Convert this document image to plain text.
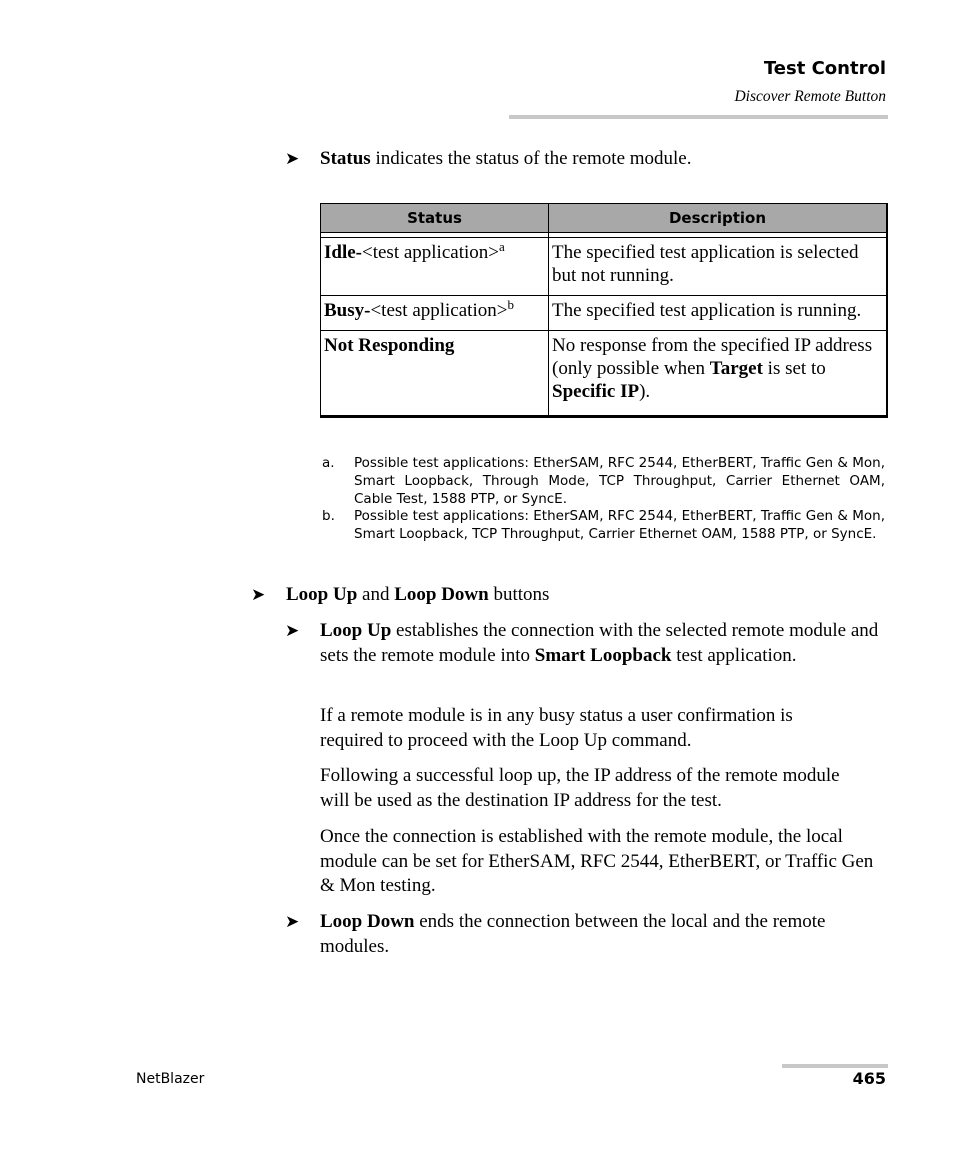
Test Control
Discover Remote Button
➤ Status indicates the status of the remote module.
Status	Description

Idle-<test application>$^a$	The specified test application is selected but not running.
Busy-<test application>$^b$	The specified test application is running.
Not Responding	No response from the specified IP address (only possible when Target is set to Specific IP).
a. Possible test applications: EtherSAM, RFC 2544, EtherBERT, Traffic Gen & Mon, Smart Loopback, Through Mode, TCP Throughput, Carrier Ethernet OAM, Cable Test, 1588 PTP, or SyncE.
b. Possible test applications: EtherSAM, RFC 2544, EtherBERT, Traffic Gen & Mon, Smart Loopback, TCP Throughput, Carrier Ethernet OAM, 1588 PTP, or SyncE.
➤ Loop Up and Loop Down buttons
➤ Loop Up establishes the connection with the selected remote module and sets the remote module into Smart Loopback test application.
If a remote module is in any busy status a user confirmation is required to proceed with the Loop Up command.
Following a successful loop up, the IP address of the remote module will be used as the destination IP address for the test.
Once the connection is established with the remote module, the local module can be set for EtherSAM, RFC 2544, EtherBERT, or Traffic Gen & Mon testing.
➤ Loop Down ends the connection between the local and the remote modules.
NetBlazer	465
